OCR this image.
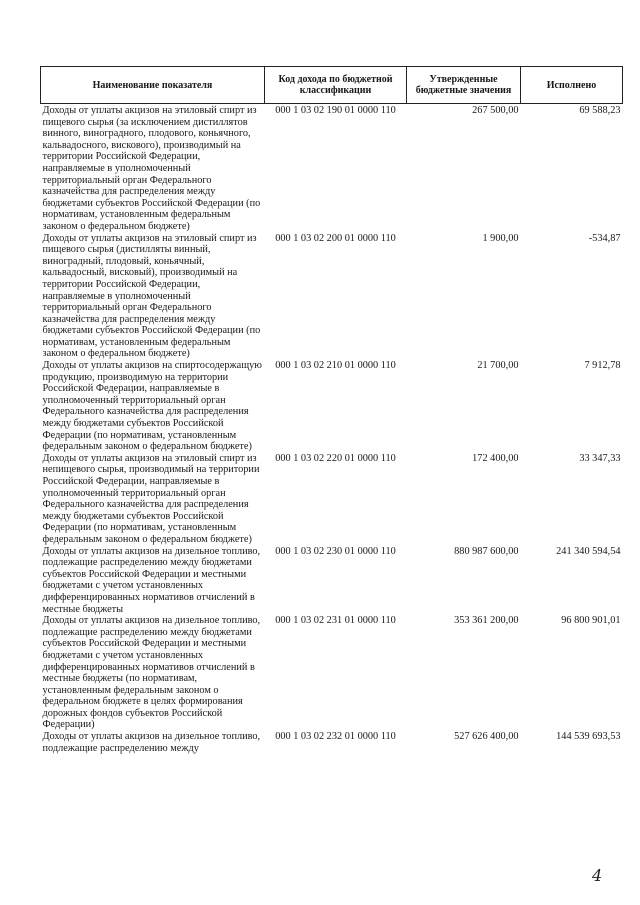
Наименование показателя	Код дохода по бюджетной классификации	Утвержденные бюджетные значения	Исполнено
Доходы от уплаты акцизов на этиловый спирт из пищевого сырья (за исключением дистиллятов винного, виноградного, плодового, коньячного, кальвадосного, вискового), производимый на территории Российской Федерации, направляемые в уполномоченный территориальный орган Федерального казначейства для распределения между бюджетами субъектов Российской Федерации (по нормативам, установленным федеральным законом о федеральном бюджете)	000 1 03 02 190 01 0000 110	267 500,00	69 588,23
Доходы от уплаты акцизов на этиловый спирт из пищевого сырья (дистилляты винный, виноградный, плодовый, коньячный, кальвадосный, висковый), производимый на территории Российской Федерации, направляемые в уполномоченный территориальный орган Федерального казначейства для распределения между бюджетами субъектов Российской Федерации (по нормативам, установленным федеральным законом о федеральном бюджете)	000 1 03 02 200 01 0000 110	1 900,00	-534,87
Доходы от уплаты акцизов на спиртосодержащую продукцию, производимую на территории Российской Федерации, направляемые в уполномоченный территориальный орган Федерального казначейства для распределения между бюджетами субъектов Российской Федерации (по нормативам, установленным федеральным законом о федеральном бюджете)	000 1 03 02 210 01 0000 110	21 700,00	7 912,78
Доходы от уплаты акцизов на этиловый спирт из непищевого сырья, производимый на территории Российской Федерации, направляемые в уполномоченный территориальный орган Федерального казначейства для распределения между бюджетами субъектов Российской Федерации (по нормативам, установленным федеральным законом о федеральном бюджете)	000 1 03 02 220 01 0000 110	172 400,00	33 347,33
Доходы от уплаты акцизов на дизельное топливо, подлежащие распределению между бюджетами субъектов Российской Федерации и местными бюджетами с учетом установленных дифференцированных нормативов отчислений в местные бюджеты	000 1 03 02 230 01 0000 110	880 987 600,00	241 340 594,54
Доходы от уплаты акцизов на дизельное топливо, подлежащие распределению между бюджетами субъектов Российской Федерации и местными бюджетами с учетом установленных дифференцированных нормативов отчислений в местные бюджеты (по нормативам, установленным федеральным законом о федеральном бюджете в целях формирования дорожных фондов субъектов Российской Федерации)	000 1 03 02 231 01 0000 110	353 361 200,00	96 800 901,01
Доходы от уплаты акцизов на дизельное топливо, подлежащие распределению между	000 1 03 02 232 01 0000 110	527 626 400,00	144 539 693,53
4
